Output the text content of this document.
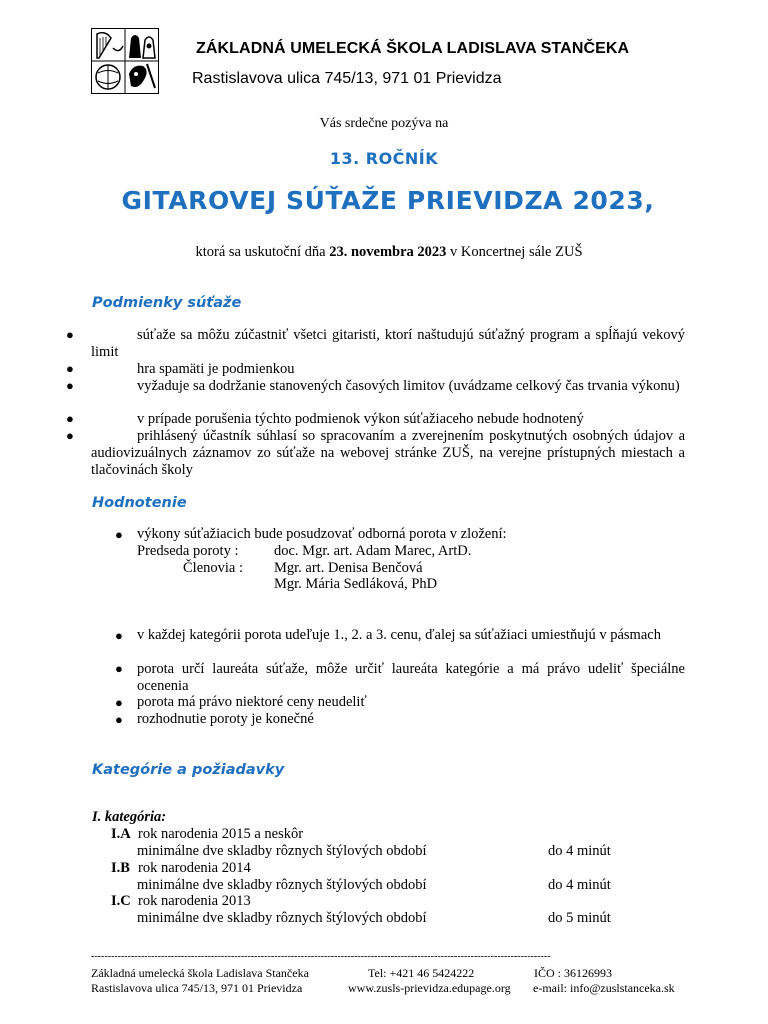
ZÁKLADNÁ UMELECKÁ ŠKOLA LADISLAVA STANČEKA
Rastislavova ulica 745/13, 971 01 Prievidza
Vás srdečne pozýva na
13. ROČNÍK
GITAROVEJ SÚŤAŽE PRIEVIDZA 2023,
ktorá sa uskutoční dňa 23. novembra 2023 v Koncertnej sále ZUŠ
Podmienky súťaže
●	súťaže sa môžu zúčastniť všetci gitaristi, ktorí naštudujú súťažný program a spĺňajú vekový limit
●	hra spamäti je podmienkou
●	vyžaduje sa dodržanie stanovených časových limitov (uvádzame celkový čas trvania výkonu)
●	v prípade porušenia týchto podmienok výkon súťažiaceho nebude hodnotený
●	prihlásený účastník súhlasí so spracovaním a zverejnením poskytnutých osobných údajov a audiovizuálnych záznamov zo súťaže na webovej stránke ZUŠ, na verejne prístupných miestach a tlačovinách školy
Hodnotenie
● výkony súťažiacich bude posudzovať odborná porota v zložení:
Predseda poroty : doc. Mgr. art. Adam Marec, ArtD.
Členovia : Mgr. art. Denisa Benčová
Mgr. Mária Sedláková, PhD
● v každej kategórii porota udeľuje 1., 2. a 3. cenu, ďalej sa súťažiaci umiestňujú v pásmach
● porota určí laureáta súťaže, môže určiť laureáta kategórie a má právo udeliť špeciálne ocenenia
● porota má právo niektoré ceny neudeliť
● rozhodnutie poroty je konečné
Kategórie a požiadavky
I. kategória:
I.A rok narodenia 2015 a neskôr
minimálne dve skladby rôznych štýlových období	do 4 minút
I.B rok narodenia 2014
minimálne dve skladby rôznych štýlových období	do 4 minút
I.C rok narodenia 2013
minimálne dve skladby rôznych štýlových období	do 5 minút
------------------------------------------------------------------------------------------------------------------------------------------
Základná umelecká škola Ladislava Stančeka
Rastislavova ulica 745/13, 971 01 Prievidza
Tel: +421 46 5424222
www.zusls-prievidza.edupage.org
IČO : 36126993
e-mail: info@zuslstanceka.sk
